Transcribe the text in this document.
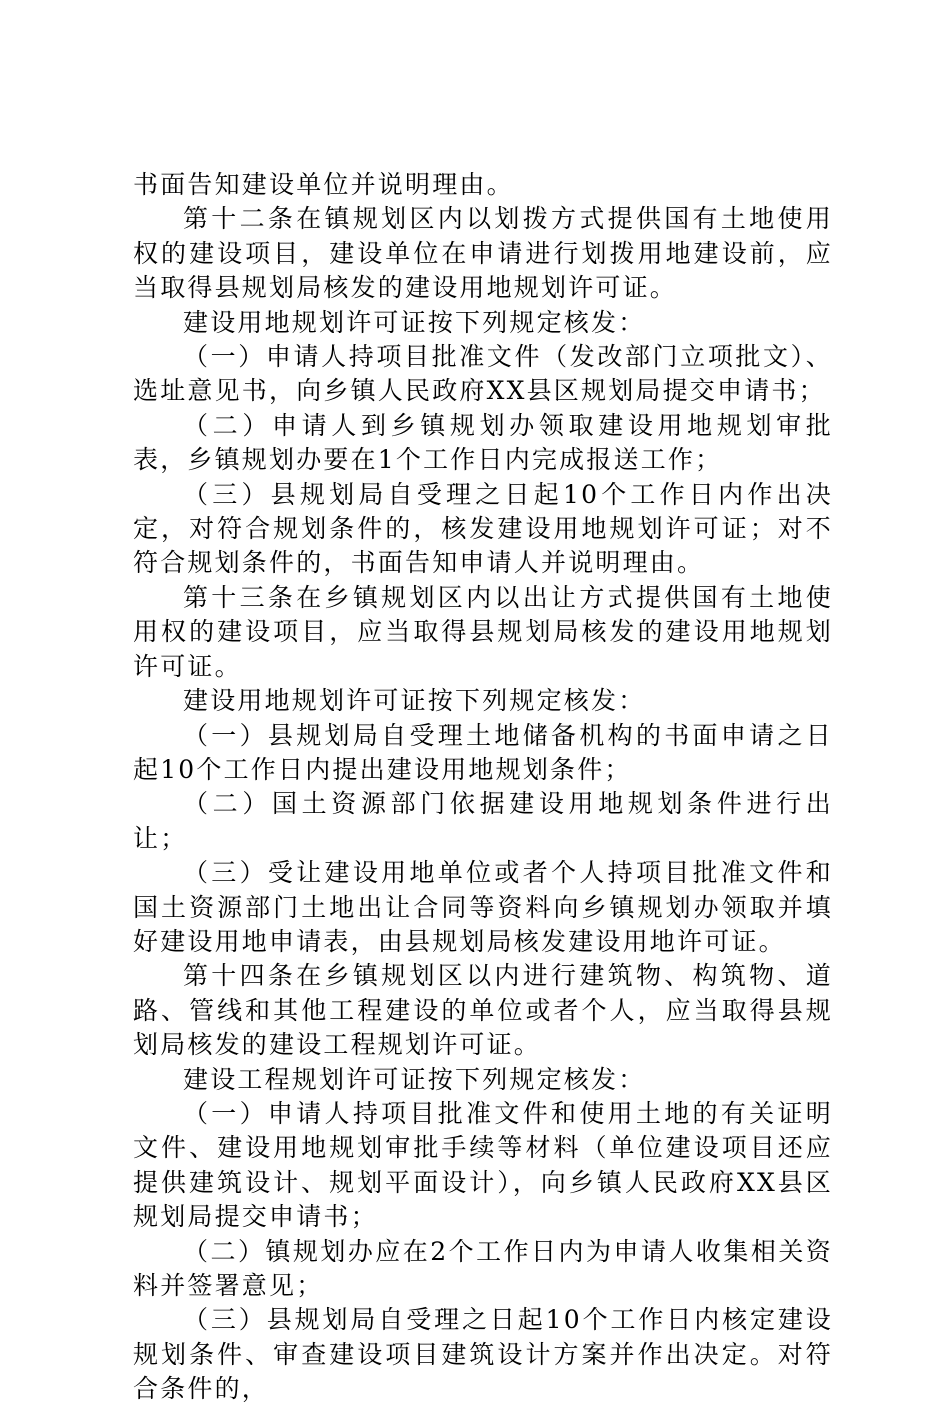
书面告知建设单位并说明理由。

第十二条在镇规划区内以划拨方式提供国有土地使用权的建设项目，建设单位在申请进行划拨用地建设前，应当取得县规划局核发的建设用地规划许可证。

建设用地规划许可证按下列规定核发：

（一）申请人持项目批准文件（发改部门立项批文）、选址意见书，向乡镇人民政府XX县区规划局提交申请书；

（二）申请人到乡镇规划办领取建设用地规划审批表，乡镇规划办要在1个工作日内完成报送工作；

（三）县规划局自受理之日起10个工作日内作出决定，对符合规划条件的，核发建设用地规划许可证；对不符合规划条件的，书面告知申请人并说明理由。

第十三条在乡镇规划区内以出让方式提供国有土地使用权的建设项目，应当取得县规划局核发的建设用地规划许可证。

建设用地规划许可证按下列规定核发：

（一）县规划局自受理土地储备机构的书面申请之日起10个工作日内提出建设用地规划条件；

（二）国土资源部门依据建设用地规划条件进行出让；

（三）受让建设用地单位或者个人持项目批准文件和国土资源部门土地出让合同等资料向乡镇规划办领取并填好建设用地申请表，由县规划局核发建设用地许可证。

第十四条在乡镇规划区以内进行建筑物、构筑物、道路、管线和其他工程建设的单位或者个人，应当取得县规划局核发的建设工程规划许可证。

建设工程规划许可证按下列规定核发：

（一）申请人持项目批准文件和使用土地的有关证明文件、建设用地规划审批手续等材料（单位建设项目还应提供建筑设计、规划平面设计），向乡镇人民政府XX县区规划局提交申请书；

（二）镇规划办应在2个工作日内为申请人收集相关资料并签署意见；

（三）县规划局自受理之日起10个工作日内核定建设规划条件、审查建设项目建筑设计方案并作出决定。对符合条件的，
